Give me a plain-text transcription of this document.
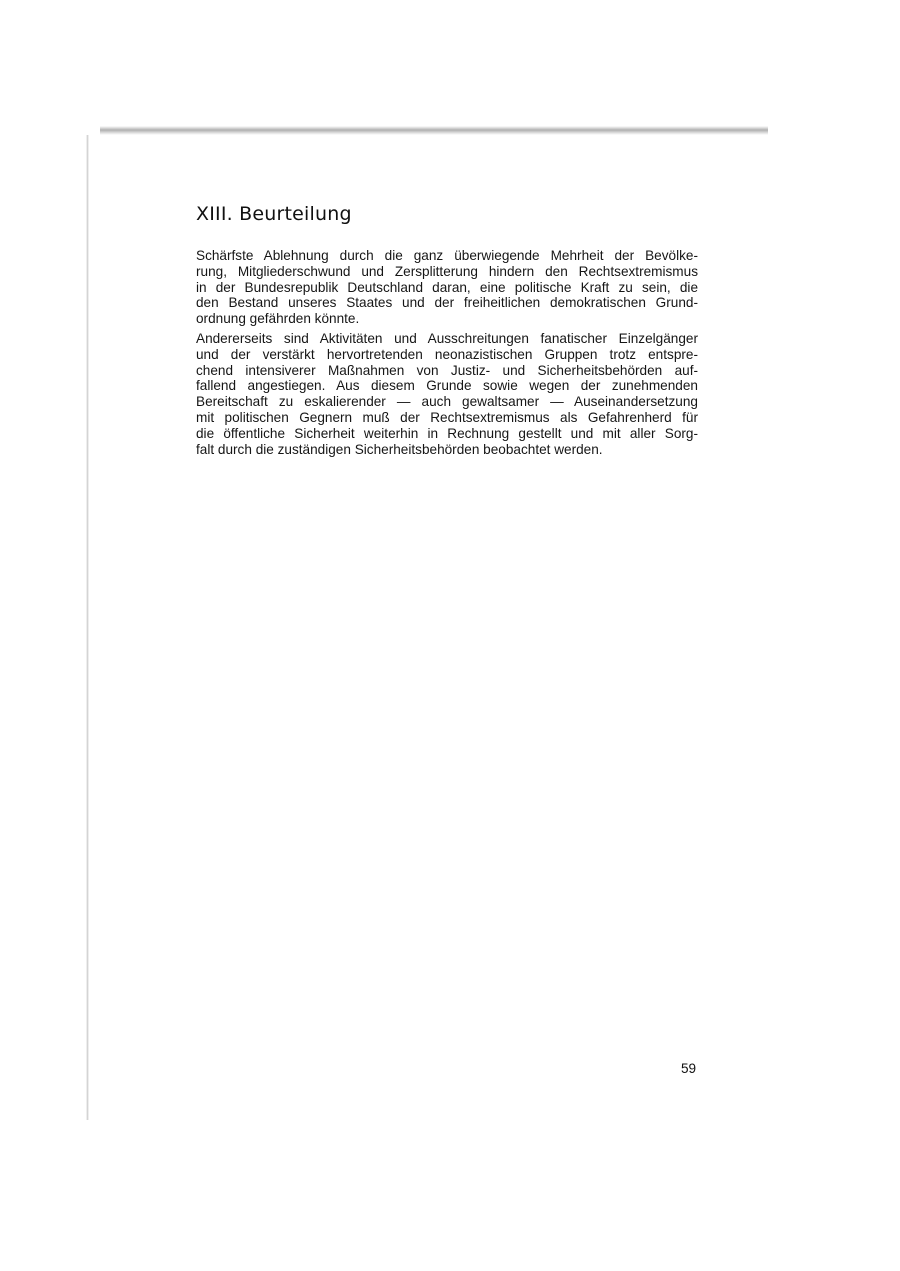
XIII. Beurteilung

Schärfste Ablehnung durch die ganz überwiegende Mehrheit der Bevölke-
rung, Mitgliederschwund und Zersplitterung hindern den Rechtsextremismus
in der Bundesrepublik Deutschland daran, eine politische Kraft zu sein, die
den Bestand unseres Staates und der freiheitlichen demokratischen Grund-
ordnung gefährden könnte.

Andererseits sind Aktivitäten und Ausschreitungen fanatischer Einzelgänger
und der verstärkt hervortretenden neonazistischen Gruppen trotz entspre-
chend intensiverer Maßnahmen von Justiz- und Sicherheitsbehörden auf-
fallend angestiegen. Aus diesem Grunde sowie wegen der zunehmenden
Bereitschaft zu eskalierender — auch gewaltsamer — Auseinandersetzung
mit politischen Gegnern muß der Rechtsextremismus als Gefahrenherd für
die öffentliche Sicherheit weiterhin in Rechnung gestellt und mit aller Sorg-
falt durch die zuständigen Sicherheitsbehörden beobachtet werden.

59
